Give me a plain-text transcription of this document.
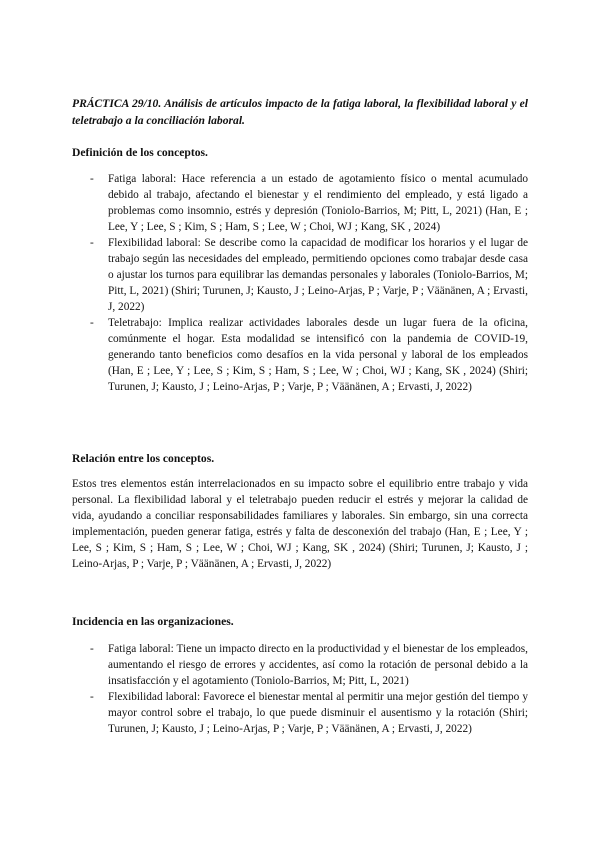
PRÁCTICA 29/10. Análisis de artículos impacto de la fatiga laboral, la flexibilidad laboral y el teletrabajo a la conciliación laboral.
Definición de los conceptos.
- Fatiga laboral: Hace referencia a un estado de agotamiento físico o mental acumulado debido al trabajo, afectando el bienestar y el rendimiento del empleado, y está ligado a problemas como insomnio, estrés y depresión (Toniolo-Barrios, M; Pitt, L, 2021) (Han, E ; Lee, Y ; Lee, S ; Kim, S ; Ham, S ; Lee, W ; Choi, WJ ; Kang, SK , 2024)
- Flexibilidad laboral: Se describe como la capacidad de modificar los horarios y el lugar de trabajo según las necesidades del empleado, permitiendo opciones como trabajar desde casa o ajustar los turnos para equilibrar las demandas personales y laborales (Toniolo-Barrios, M; Pitt, L, 2021) (Shiri; Turunen, J; Kausto, J ; Leino-Arjas, P ; Varje, P ; Väänänen, A ; Ervasti, J, 2022)
- Teletrabajo: Implica realizar actividades laborales desde un lugar fuera de la oficina, comúnmente el hogar. Esta modalidad se intensificó con la pandemia de COVID-19, generando tanto beneficios como desafíos en la vida personal y laboral de los empleados (Han, E ; Lee, Y ; Lee, S ; Kim, S ; Ham, S ; Lee, W ; Choi, WJ ; Kang, SK , 2024) (Shiri; Turunen, J; Kausto, J ; Leino-Arjas, P ; Varje, P ; Väänänen, A ; Ervasti, J, 2022)
Relación entre los conceptos.
Estos tres elementos están interrelacionados en su impacto sobre el equilibrio entre trabajo y vida personal. La flexibilidad laboral y el teletrabajo pueden reducir el estrés y mejorar la calidad de vida, ayudando a conciliar responsabilidades familiares y laborales. Sin embargo, sin una correcta implementación, pueden generar fatiga, estrés y falta de desconexión del trabajo (Han, E ; Lee, Y ; Lee, S ; Kim, S ; Ham, S ; Lee, W ; Choi, WJ ; Kang, SK , 2024) (Shiri; Turunen, J; Kausto, J ; Leino-Arjas, P ; Varje, P ; Väänänen, A ; Ervasti, J, 2022)
Incidencia en las organizaciones.
- Fatiga laboral: Tiene un impacto directo en la productividad y el bienestar de los empleados, aumentando el riesgo de errores y accidentes, así como la rotación de personal debido a la insatisfacción y el agotamiento (Toniolo-Barrios, M; Pitt, L, 2021)
- Flexibilidad laboral: Favorece el bienestar mental al permitir una mejor gestión del tiempo y mayor control sobre el trabajo, lo que puede disminuir el ausentismo y la rotación (Shiri; Turunen, J; Kausto, J ; Leino-Arjas, P ; Varje, P ; Väänänen, A ; Ervasti, J, 2022)
